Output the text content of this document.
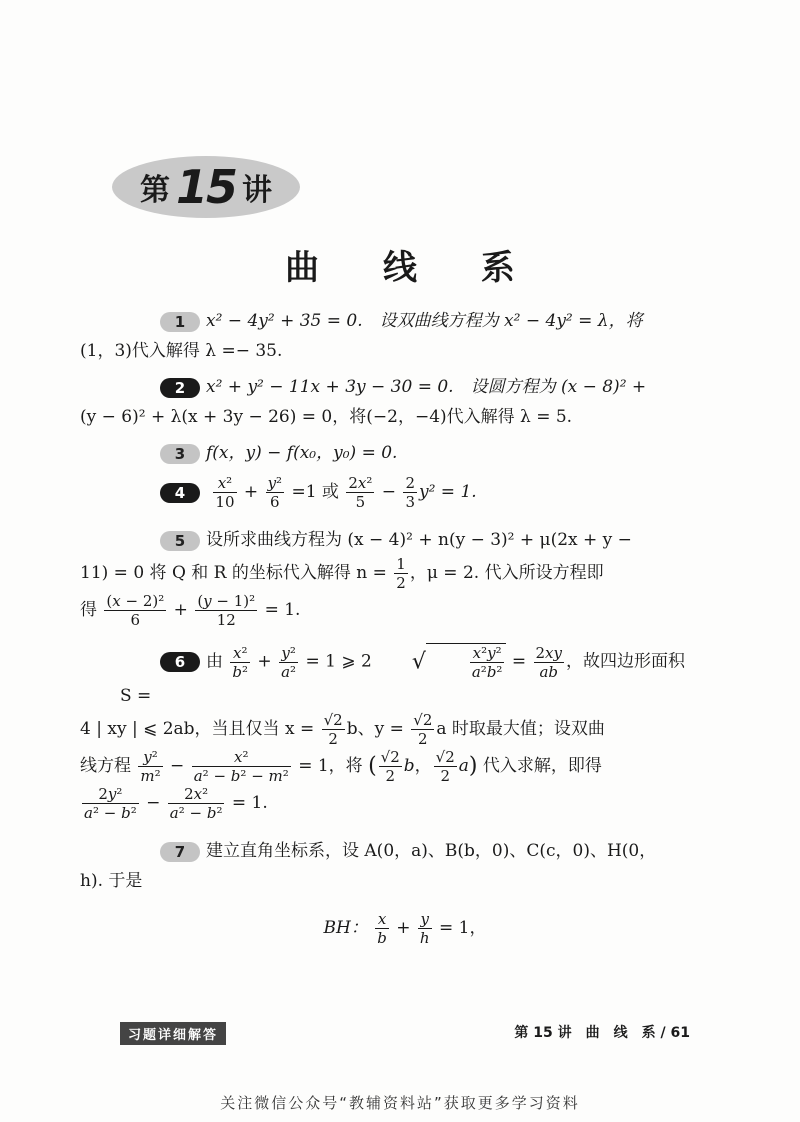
第 15 讲
曲 线 系
1 x² − 4y² + 35 = 0.　设双曲线方程为 x² − 4y² = λ，将
(1，3)代入解得 λ =− 35.
2 x² + y² − 11x + 3y − 30 = 0.　设圆方程为 (x − 8)² +
(y − 6)² + λ(x + 3y − 26) = 0，将(−2，−4)代入解得 λ = 5.
3 f(x，y) − f(x₀，y₀) = 0.
$4 \frac{\text{x²}}{10} + \frac{\text{y²}}{6} =1$ 或 $\frac{\text{2x²}}{5} - \frac{2}{3} y^2 = 1$.
5 设所求曲线方程为 (x − 4)² + n(y − 3)² + μ(2x + y −
11) = 0 将 Q 和 R 的坐标代入解得 $n = \frac{1}{2}$ ，μ = 2. 代入所设方程即
得 $\frac{\text{(x − 2)²}}{6} + \frac{\text{(y − 1)²}}{12} = 1$.
6 由 $\frac{\text{x²}}{\text{b²}} + \frac{\text{y²}}{\text{a²}} = 1$ ⩾ 2 √	$\frac{\text{x²y²}}{\text{a²b²}} = \frac{2xy}{ab}$ ，故四边形面积 S =
4 | xy | ⩽ 2ab，当且仅当 $x = \frac{√2}{2}$ b、$y = \frac{√2}{2}$ a 时取最大值；设双曲
线方程 $\frac{\text{y²}}{\text{m²}} - \frac{\text{x²}}{\text{a² − b² − m²}} = 1$，将 ( $\frac{√2}{2}$ b， $\frac{√2}{2} a$) 代入求解，即得

$\frac{\text{2y²}}{\text{a² − b²}} - \frac{\text{2x²}}{\text{a² − b²}} = 1$.
7 建立直角坐标系，设 A(0，a)、B(b，0)、C(c，0)、H(0，
h). 于是
BH： $\frac{x}{b} + \frac{y}{h} = 1$，
习题详细解答	第 15 讲　曲　线　系 / 61
关注微信公众号“教辅资料站”获取更多学习资料
